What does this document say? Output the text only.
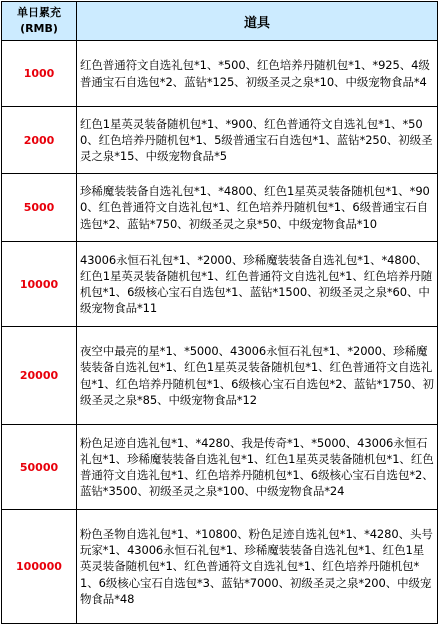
单日累充
(RMB)	道具
1000	红色普通符文自选礼包*1、*500、红色培养丹随机包*1、*925、4级普通宝石自选包*2、蓝钻*125、初级圣灵之泉*10、中级宠物食品*4
2000	红色1星英灵装备随机包*1、*900、红色普通符文自选礼包*1、*500、红色培养丹随机包*1、5级普通宝石自选包*1、蓝钻*250、初级圣灵之泉*15、中级宠物食品*5
5000	珍稀魔装装备自选礼包*1、*4800、红色1星英灵装备随机包*1、*900、红色普通符文自选礼包*1、红色培养丹随机包*1、6级普通宝石自选包*2、蓝钻*750、初级圣灵之泉*50、中级宠物食品*10
10000	43006永恒石礼包*1、*2000、珍稀魔装装备自选礼包*1、*4800、红色1星英灵装备随机包*1、红色普通符文自选礼包*1、红色培养丹随机包*1、6级核心宝石自选包*1、蓝钻*1500、初级圣灵之泉*60、中级宠物食品*11
20000	夜空中最亮的星*1、*5000、43006永恒石礼包*1、*2000、珍稀魔装装备自选礼包*1、红色1星英灵装备随机包*1、红色普通符文自选礼包*1、红色培养丹随机包*1、6级核心宝石自选包*2、蓝钻*1750、初级圣灵之泉*85、中级宠物食品*12
50000	粉色足迹自选礼包*1、*4280、我是传奇*1、*5000、43006永恒石礼包*1、珍稀魔装装备自选礼包*1、红色1星英灵装备随机包*1、红色普通符文自选礼包*1、红色培养丹随机包*1、6级核心宝石自选包*2、蓝钻*3500、初级圣灵之泉*100、中级宠物食品*24
100000	粉色圣物自选礼包*1、*10800、粉色足迹自选礼包*1、*4280、头号玩家*1、43006永恒石礼包*1、珍稀魔装装备自选礼包*1、红色1星英灵装备随机包*1、红色普通符文自选礼包*1、红色培养丹随机包*1、6级核心宝石自选包*3、蓝钻*7000、初级圣灵之泉*200、中级宠物食品*48
